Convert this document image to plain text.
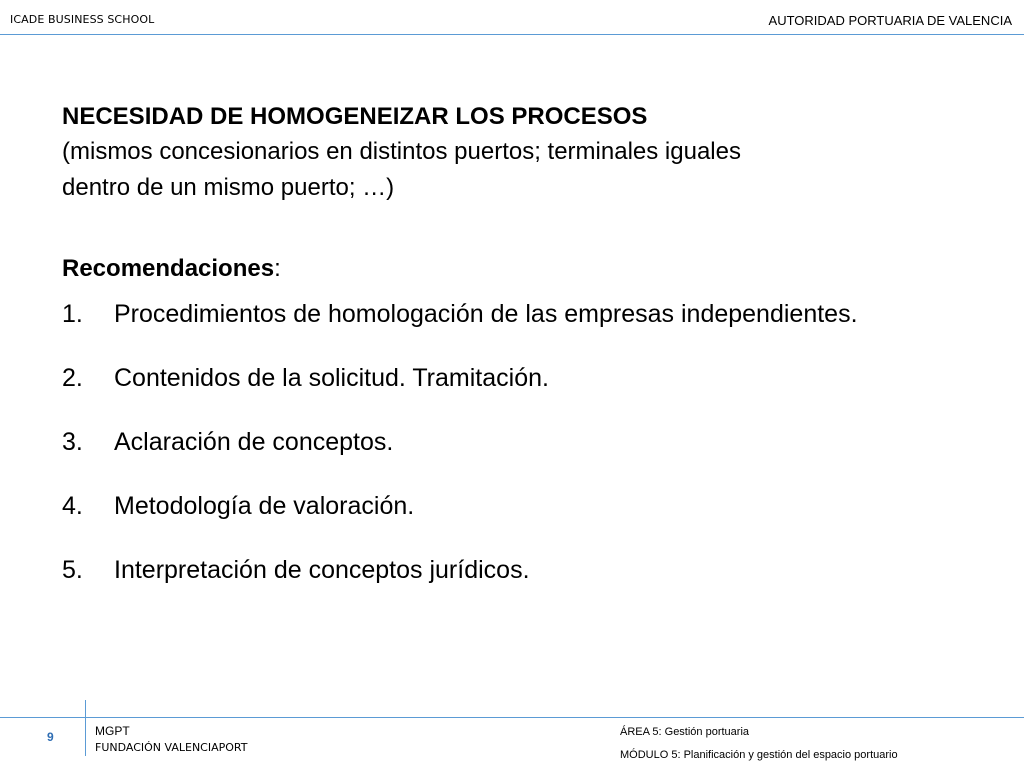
ICADE BUSINESS SCHOOL	AUTORIDAD PORTUARIA DE VALENCIA

NECESIDAD DE HOMOGENEIZAR LOS PROCESOS

(mismos concesionarios en distintos puertos; terminales iguales

dentro de un mismo puerto; …)

Recomendaciones:
1. Procedimientos de homologación de las empresas independientes.
2. Contenidos de la solicitud. Tramitación.
3. Aclaración de conceptos.
4. Metodología de valoración.
5. Interpretación de conceptos jurídicos.
9	MGPT
FUNDACIÓN VALENCIAPORT
ÁREA 5: Gestión portuaria
MÓDULO 5: Planificación y gestión del espacio portuario
